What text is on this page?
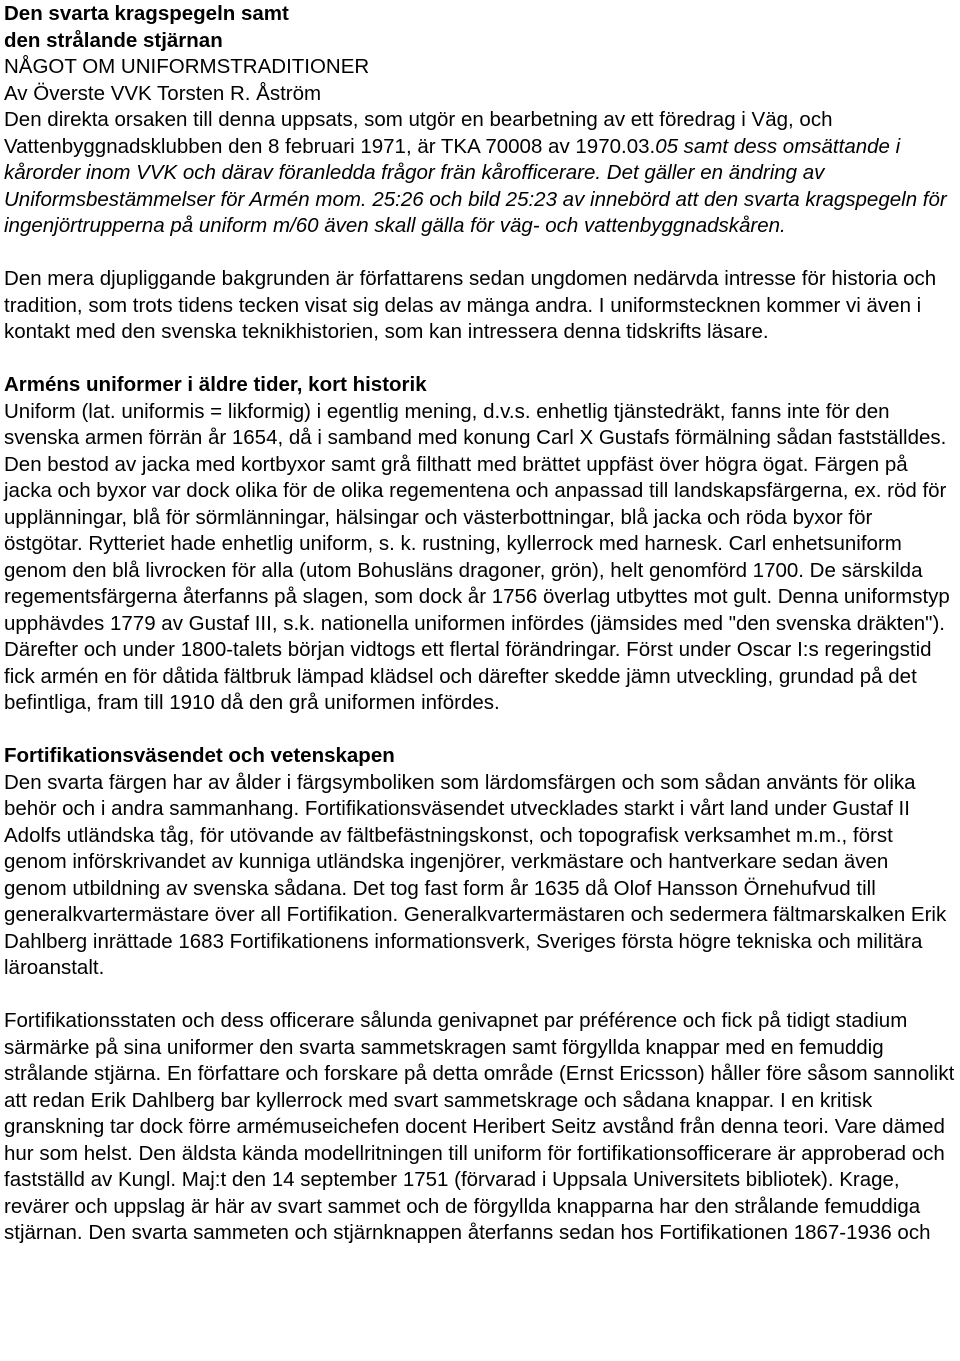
Den svarta kragspegeln samt
den strålande stjärnan
NÅGOT OM UNIFORMSTRADITIONER
Av Överste VVK Torsten R. Åström

Den direkta orsaken till denna uppsats, som utgör en bearbetning av ett föredrag i Väg, och Vattenbyggnadsklubben den 8 februari 1971, är TKA 70008 av 1970.03.05 samt dess omsättande i kårorder inom VVK och därav föranledda frågor frän kårofficerare. Det gäller en ändring av Uniformsbestämmelser för Armén mom. 25:26 och bild 25:23 av innebörd att den svarta kragspegeln för ingenjörtrupperna på uniform m/60 även skall gälla för väg- och vattenbyggnadskåren.

Den mera djupliggande bakgrunden är författarens sedan ungdomen nedärvda intresse för historia och tradition, som trots tidens tecken visat sig delas av mänga andra. I uniformstecknen kommer vi även i kontakt med den svenska teknikhistorien, som kan intressera denna tidskrifts läsare.

Arméns uniformer i äldre tider, kort historik

Uniform (lat. uniformis = likformig) i egentlig mening, d.v.s. enhetlig tjänstedräkt, fanns inte för den svenska armen förrän år 1654, då i samband med konung Carl X Gustafs förmälning sådan fastställdes. Den bestod av jacka med kortbyxor samt grå filthatt med brättet uppfäst över högra ögat. Färgen på jacka och byxor var dock olika för de olika regementena och anpassad till landskapsfärgerna, ex. röd för upplänningar, blå för sörmlänningar, hälsingar och västerbottningar, blå jacka och röda byxor för östgötar. Rytteriet hade enhetlig uniform, s. k. rustning, kyllerrock med harnesk. Carl enhetsuniform genom den blå livrocken för alla (utom Bohusläns dragoner, grön), helt genomförd 1700. De särskilda regementsfärgerna återfanns på slagen, som dock år 1756 överlag utbyttes mot gult. Denna uniformstyp upphävdes 1779 av Gustaf III, s.k. nationella uniformen infördes (jämsides med "den svenska dräkten"). Därefter och under 1800-talets början vidtogs ett flertal förändringar. Först under Oscar I:s regeringstid fick armén en för dåtida fältbruk lämpad klädsel och därefter skedde jämn utveckling, grundad på det befintliga, fram till 1910 då den grå uniformen infördes.

Fortifikationsväsendet och vetenskapen

Den svarta färgen har av ålder i färgsymboliken som lärdomsfärgen och som sådan använts för olika behör och i andra sammanhang. Fortifikationsväsendet utvecklades starkt i vårt land under Gustaf II Adolfs utländska tåg, för utövande av fältbefästningskonst, och topografisk verksamhet m.m., först genom införskrivandet av kunniga utländska ingenjörer, verkmästare och hantverkare sedan även genom utbildning av svenska sådana. Det tog fast form år 1635 då Olof Hansson Örnehufvud till generalkvartermästare över all Fortifikation. Generalkvartermästaren och sedermera fältmarskalken Erik Dahlberg inrättade 1683 Fortifikationens informationsverk, Sveriges första högre tekniska och militära läroanstalt.

Fortifikationsstaten och dess officerare sålunda genivapnet par préférence och fick på tidigt stadium särmärke på sina uniformer den svarta sammetskragen samt förgyllda knappar med en femuddig strålande stjärna. En författare och forskare på detta område (Ernst Ericsson) håller före såsom sannolikt att redan Erik Dahlberg bar kyllerrock med svart sammetskrage och sådana knappar. I en kritisk granskning tar dock förre armémuseichefen docent Heribert Seitz avstånd från denna teori. Vare dämed hur som helst. Den äldsta kända modellritningen till uniform för fortifikationsofficerare är approberad och fastställd av Kungl. Maj:t den 14 september 1751 (förvarad i Uppsala Universitets bibliotek). Krage, revärer och uppslag är här av svart sammet och de förgyllda knapparna har den strålande femuddiga stjärnan. Den svarta sammeten och stjärnknappen återfanns sedan hos Fortifikationen 1867-1936 och
